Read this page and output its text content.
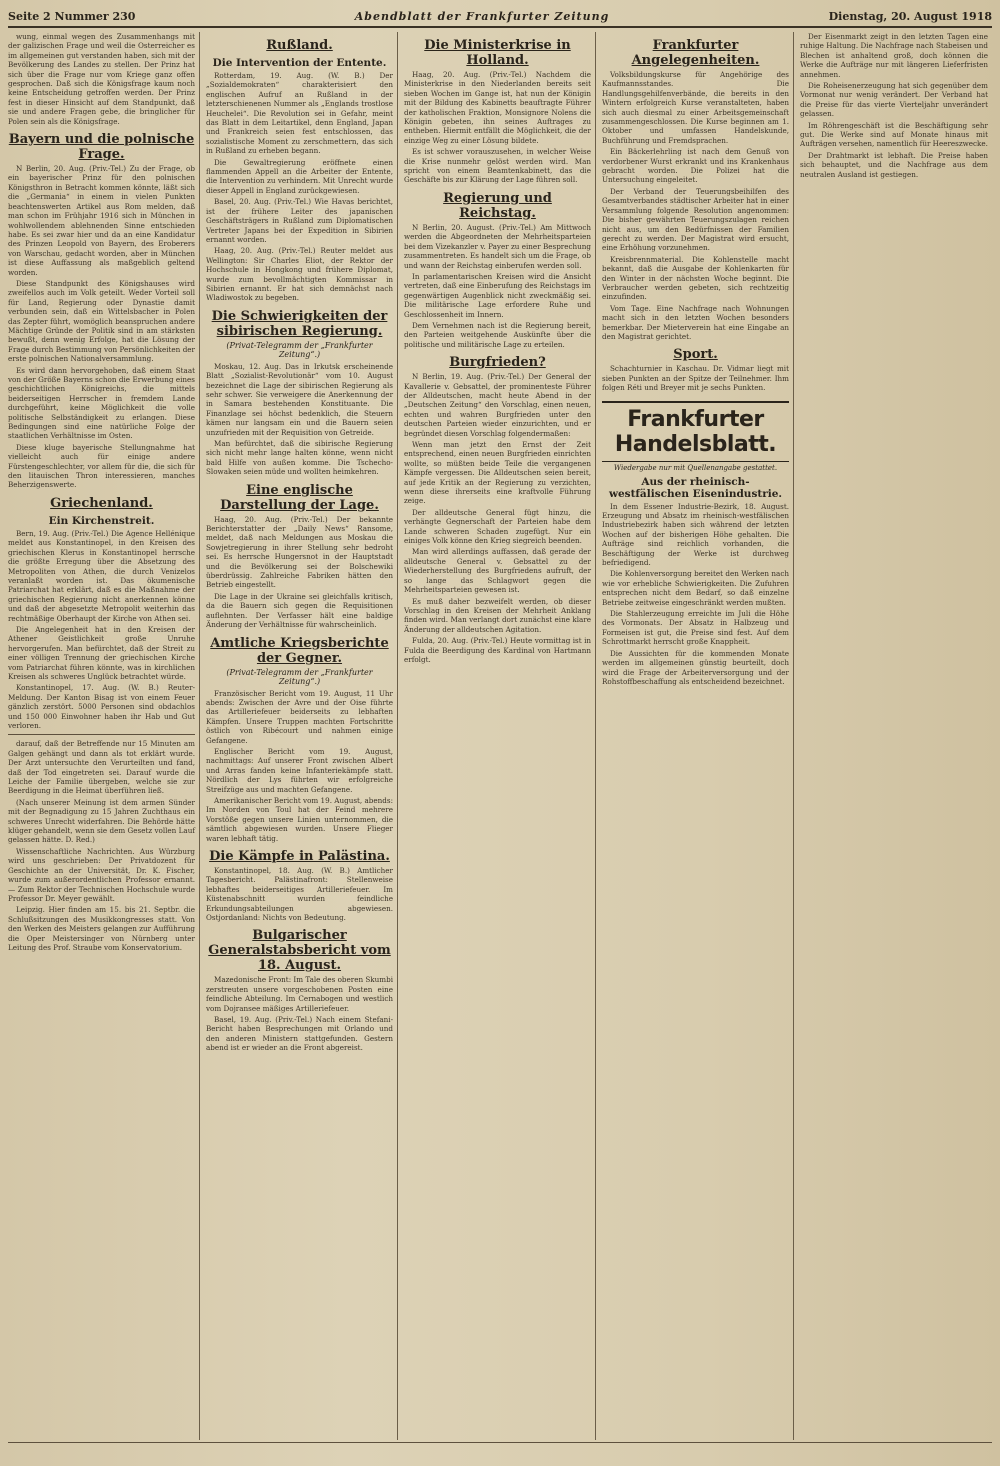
Seite 2 Nummer 230	Abendblatt der Frankfurter Zeitung	Dienstag, 20. August 1918

wung, einmal wegen des Zusammenhangs mit der galizischen Frage und weil die Osterreicher es im allgemeinen gut verstanden haben, sich mit der Bevölkerung des Landes zu stellen. Der Prinz hat sich über die Frage nur vom Kriege ganz offen gesprochen. Daß sich die Königsfrage kaum noch keine Entscheidung getroffen werden. Der Prinz fest in dieser Hinsicht auf dem Standpunkt, daß sie und andere Fragen gebe, die bringlicher für Polen sein als die Königsfrage.

Bayern und die polnische Frage.

N Berlin, 20. Aug. (Priv.-Tel.) Zu der Frage, ob ein bayerischer Prinz für den polnischen Königsthron in Betracht kommen könnte, läßt sich die „Germania“ in einem in vielen Punkten beachtenswerten Artikel aus Rom melden, daß man schon im Frühjahr 1916 sich in München in wohlwollendem ablehnenden Sinne entschieden habe. Es sei zwar hier und da an eine Kandidatur des Prinzen Leopold von Bayern, des Eroberers von Warschau, gedacht worden, aber in München ist diese Auffassung als maßgeblich geltend worden.

Diese Standpunkt des Königshauses wird zweifellos auch im Volk geteilt. Weder Vorteil soll für Land, Regierung oder Dynastie damit verbunden sein, daß ein Wittelsbacher in Polen das Zepter führt, womöglich beanspruchen andere Mächtige Gründe der Politik sind in am stärksten bewußt, denn wenig Erfolge, hat die Lösung der Frage durch Bestimmung von Persönlichkeiten der erste polnischen Nationalversammlung.

Es wird dann hervorgehoben, daß einem Staat von der Größe Bayerns schon die Erwerbung eines geschichtlichen Königreichs, die mittels beiderseitigen Herrscher in fremdem Lande durchgeführt, keine Möglichkeit die volle politische Selbständigkeit zu erlangen. Diese Bedingungen sind eine natürliche Folge der staatlichen Verhältnisse im Osten.

Diese kluge bayerische Stellungnahme hat vielleicht auch für einige andere Fürstengeschlechter, vor allem für die, die sich für den litauischen Thron interessieren, manches Beherzigenswerte.

Griechenland.
Ein Kirchenstreit.

Bern, 19. Aug. (Priv.-Tel.) Die Agence Hellénique meldet aus Konstantinopel, in den Kreisen des griechischen Klerus in Konstantinopel herrsche die größte Erregung über die Absetzung des Metropoliten von Athen, die durch Venizelos veranlaßt worden ist. Das ökumenische Patriarchat hat erklärt, daß es die Maßnahme der griechischen Regierung nicht anerkennen könne und daß der abgesetzte Metropolit weiterhin das rechtmäßige Oberhaupt der Kirche von Athen sei.

Die Angelegenheit hat in den Kreisen der Athener Geistlichkeit große Unruhe hervorgerufen. Man befürchtet, daß der Streit zu einer völligen Trennung der griechischen Kirche vom Patriarchat führen könnte, was in kirchlichen Kreisen als schweres Unglück betrachtet würde.

Konstantinopel, 17. Aug. (W. B.) Reuter-Meldung. Der Kanton Bisag ist von einem Feuer gänzlich zerstört. 5000 Personen sind obdachlos und 150 000 Einwohner haben ihr Hab und Gut verloren.

darauf, daß der Betreffende nur 15 Minuten am Galgen gehängt und dann als tot erklärt wurde. Der Arzt untersuchte den Verurteilten und fand, daß der Tod eingetreten sei. Darauf wurde die Leiche der Familie übergeben, welche sie zur Beerdigung in die Heimat überführen ließ.

(Nach unserer Meinung ist dem armen Sünder mit der Begnadigung zu 15 Jahren Zuchthaus ein schweres Unrecht widerfahren. Die Behörde hätte klüger gehandelt, wenn sie dem Gesetz vollen Lauf gelassen hätte. D. Red.)

Wissenschaftliche Nachrichten. Aus Würzburg wird uns geschrieben: Der Privatdozent für Geschichte an der Universität, Dr. K. Fischer, wurde zum außerordentlichen Professor ernannt. — Zum Rektor der Technischen Hochschule wurde Professor Dr. Meyer gewählt.

Leipzig. Hier finden am 15. bis 21. Septbr. die Schlußsitzungen des Musikkongresses statt. Von den Werken des Meisters gelangen zur Aufführung die Oper Meistersinger von Nürnberg unter Leitung des Prof. Straube vom Konservatorium.

Rußland.
Die Intervention der Entente.

Rotterdam, 19. Aug. (W. B.) Der „Sozialdemokraten“ charakterisiert den englischen Aufruf an Rußland in der letzterschienenen Nummer als „Englands trostlose Heuchelei“. Die Revolution sei in Gefahr, meint das Blatt in dem Leitartikel, denn England, Japan und Frankreich seien fest entschlossen, das sozialistische Moment zu zerschmettern, das sich in Rußland zu erheben begann.

Die Gewaltregierung eröffnete einen flammenden Appell an die Arbeiter der Entente, die Intervention zu verhindern. Mit Unrecht wurde dieser Appell in England zurückgewiesen.

Basel, 20. Aug. (Priv.-Tel.) Wie Havas berichtet, ist der frühere Leiter des japanischen Geschäftsträgers in Rußland zum Diplomatischen Vertreter Japans bei der Expedition in Sibirien ernannt worden.

Haag, 20. Aug. (Priv.-Tel.) Reuter meldet aus Wellington: Sir Charles Eliot, der Rektor der Hochschule in Hongkong und frühere Diplomat, wurde zum bevollmächtigten Kommissar in Sibirien ernannt. Er hat sich demnächst nach Wladiwostok zu begeben.

Die Schwierigkeiten der sibirischen Regierung.
(Privat-Telegramm der „Frankfurter Zeitung“.)

Moskau, 12. Aug. Das in Irkutsk erscheinende Blatt „Sozialist-Revolutionär“ vom 10. August bezeichnet die Lage der sibirischen Regierung als sehr schwer. Sie verweigere die Anerkennung der in Samara bestehenden Konstituante. Die Finanzlage sei höchst bedenklich, die Steuern kämen nur langsam ein und die Bauern seien unzufrieden mit der Requisition von Getreide.

Man befürchtet, daß die sibirische Regierung sich nicht mehr lange halten könne, wenn nicht bald Hilfe von außen komme. Die Tschecho-Slowaken seien müde und wollten heimkehren.

Eine englische Darstellung der Lage.

Haag, 20. Aug. (Priv.-Tel.) Der bekannte Berichterstatter der „Daily News“ Ransome, meldet, daß nach Meldungen aus Moskau die Sowjetregierung in ihrer Stellung sehr bedroht sei. Es herrsche Hungersnot in der Hauptstadt und die Bevölkerung sei der Bolschewiki überdrüssig. Zahlreiche Fabriken hätten den Betrieb eingestellt.

Die Lage in der Ukraine sei gleichfalls kritisch, da die Bauern sich gegen die Requisitionen auflehnten. Der Verfasser hält eine baldige Änderung der Verhältnisse für wahrscheinlich.

Amtliche Kriegsberichte der Gegner.
(Privat-Telegramm der „Frankfurter Zeitung“.)

Französischer Bericht vom 19. August, 11 Uhr abends: Zwischen der Avre und der Oise führte das Artilleriefeuer beiderseits zu lebhaften Kämpfen. Unsere Truppen machten Fortschritte östlich von Ribécourt und nahmen einige Gefangene.

Englischer Bericht vom 19. August, nachmittags: Auf unserer Front zwischen Albert und Arras fanden keine Infanteriekämpfe statt. Nördlich der Lys führten wir erfolgreiche Streifzüge aus und machten Gefangene.

Amerikanischer Bericht vom 19. August, abends: Im Norden von Toul hat der Feind mehrere Vorstöße gegen unsere Linien unternommen, die sämtlich abgewiesen wurden. Unsere Flieger waren lebhaft tätig.

Die Kämpfe in Palästina.

Konstantinopel, 18. Aug. (W. B.) Amtlicher Tagesbericht. Palästinafront: Stellenweise lebhaftes beiderseitiges Artilleriefeuer. Im Küstenabschnitt wurden feindliche Erkundungsabteilungen abgewiesen. Ostjordanland: Nichts von Bedeutung.

Bulgarischer Generalstabsbericht vom 18. August.

Mazedonische Front: Im Tale des oberen Skumbi zerstreuten unsere vorgeschobenen Posten eine feindliche Abteilung. Im Cernabogen und westlich vom Dojransee mäßiges Artilleriefeuer.

Basel, 19. Aug. (Priv.-Tel.) Nach einem Stefani-Bericht haben Besprechungen mit Orlando und den anderen Ministern stattgefunden. Gestern abend ist er wieder an die Front abgereist.

Die Ministerkrise in Holland.

Haag, 20. Aug. (Priv.-Tel.) Nachdem die Ministerkrise in den Niederlanden bereits seit sieben Wochen im Gange ist, hat nun der Königin mit der Bildung des Kabinetts beauftragte Führer der katholischen Fraktion, Monsignore Nolens die Königin gebeten, ihn seines Auftrages zu entheben. Hiermit entfällt die Möglichkeit, die der einzige Weg zu einer Lösung bildete.

Es ist schwer vorauszusehen, in welcher Weise die Krise nunmehr gelöst werden wird. Man spricht von einem Beamtenkabinett, das die Geschäfte bis zur Klärung der Lage führen soll.

Regierung und Reichstag.

N Berlin, 20. August. (Priv.-Tel.) Am Mittwoch werden die Abgeordneten der Mehrheitsparteien bei dem Vizekanzler v. Payer zu einer Besprechung zusammentreten. Es handelt sich um die Frage, ob und wann der Reichstag einberufen werden soll.

In parlamentarischen Kreisen wird die Ansicht vertreten, daß eine Einberufung des Reichstags im gegenwärtigen Augenblick nicht zweckmäßig sei. Die militärische Lage erfordere Ruhe und Geschlossenheit im Innern.

Dem Vernehmen nach ist die Regierung bereit, den Parteien weitgehende Auskünfte über die politische und militärische Lage zu erteilen.

Burgfrieden?

N Berlin, 19. Aug. (Priv.-Tel.) Der General der Kavallerie v. Gebsattel, der prominenteste Führer der Alldeutschen, macht heute Abend in der „Deutschen Zeitung“ den Vorschlag, einen neuen, echten und wahren Burgfrieden unter den deutschen Parteien wieder einzurichten, und er begründet diesen Vorschlag folgendermaßen:

Wenn man jetzt den Ernst der Zeit entsprechend, einen neuen Burgfrieden einrichten wollte, so müßten beide Teile die vergangenen Kämpfe vergessen. Die Alldeutschen seien bereit, auf jede Kritik an der Regierung zu verzichten, wenn diese ihrerseits eine kraftvolle Führung zeige.

Der alldeutsche General fügt hinzu, die verhängte Gegnerschaft der Parteien habe dem Lande schweren Schaden zugefügt. Nur ein einiges Volk könne den Krieg siegreich beenden.

Man wird allerdings auffassen, daß gerade der alldeutsche General v. Gebsattel zu der Wiederherstellung des Burgfriedens aufruft, der so lange das Schlagwort gegen die Mehrheitsparteien gewesen ist.

Es muß daher bezweifelt werden, ob dieser Vorschlag in den Kreisen der Mehrheit Anklang finden wird. Man verlangt dort zunächst eine klare Änderung der alldeutschen Agitation.

Fulda, 20. Aug. (Priv.-Tel.) Heute vormittag ist in Fulda die Beerdigung des Kardinal von Hartmann erfolgt.

Frankfurter Angelegenheiten.

Volksbildungskurse für Angehörige des Kaufmannsstandes. Die Handlungsgehilfenverbände, die bereits in den Wintern erfolgreich Kurse veranstalteten, haben sich auch diesmal zu einer Arbeitsgemeinschaft zusammengeschlossen. Die Kurse beginnen am 1. Oktober und umfassen Handelskunde, Buchführung und Fremdsprachen.

Ein Bäckerlehrling ist nach dem Genuß von verdorbener Wurst erkrankt und ins Krankenhaus gebracht worden. Die Polizei hat die Untersuchung eingeleitet.

Der Verband der Teuerungsbeihilfen des Gesamtverbandes städtischer Arbeiter hat in einer Versammlung folgende Resolution angenommen: Die bisher gewährten Teuerungszulagen reichen nicht aus, um den Bedürfnissen der Familien gerecht zu werden. Der Magistrat wird ersucht, eine Erhöhung vorzunehmen.

Kreisbrennmaterial. Die Kohlenstelle macht bekannt, daß die Ausgabe der Kohlenkarten für den Winter in der nächsten Woche beginnt. Die Verbraucher werden gebeten, sich rechtzeitig einzufinden.

Vom Tage. Eine Nachfrage nach Wohnungen macht sich in den letzten Wochen besonders bemerkbar. Der Mieterverein hat eine Eingabe an den Magistrat gerichtet.

Sport.

Schachturnier in Kaschau. Dr. Vidmar liegt mit sieben Punkten an der Spitze der Teilnehmer. Ihm folgen Réti und Breyer mit je sechs Punkten.

Frankfurter Handelsblatt.
Wiedergabe nur mit Quellenangabe gestattet.
Aus der rheinisch-westfälischen Eisenindustrie.

In dem Essener Industrie-Bezirk, 18. August. Erzeugung und Absatz im rheinisch-westfälischen Industriebezirk haben sich während der letzten Wochen auf der bisherigen Höhe gehalten. Die Aufträge sind reichlich vorhanden, die Beschäftigung der Werke ist durchweg befriedigend.

Die Kohlenversorgung bereitet den Werken nach wie vor erhebliche Schwierigkeiten. Die Zufuhren entsprechen nicht dem Bedarf, so daß einzelne Betriebe zeitweise eingeschränkt werden mußten.

Die Stahlerzeugung erreichte im Juli die Höhe des Vormonats. Der Absatz in Halbzeug und Formeisen ist gut, die Preise sind fest. Auf dem Schrottmarkt herrscht große Knappheit.

Die Aussichten für die kommenden Monate werden im allgemeinen günstig beurteilt, doch wird die Frage der Arbeiterversorgung und der Rohstoffbeschaffung als entscheidend bezeichnet.

Der Eisenmarkt zeigt in den letzten Tagen eine ruhige Haltung. Die Nachfrage nach Stabeisen und Blechen ist anhaltend groß, doch können die Werke die Aufträge nur mit längeren Lieferfristen annehmen.

Die Roheisenerzeugung hat sich gegenüber dem Vormonat nur wenig verändert. Der Verband hat die Preise für das vierte Vierteljahr unverändert gelassen.

Im Röhrengeschäft ist die Beschäftigung sehr gut. Die Werke sind auf Monate hinaus mit Aufträgen versehen, namentlich für Heereszwecke.

Der Drahtmarkt ist lebhaft. Die Preise haben sich behauptet, und die Nachfrage aus dem neutralen Ausland ist gestiegen.
